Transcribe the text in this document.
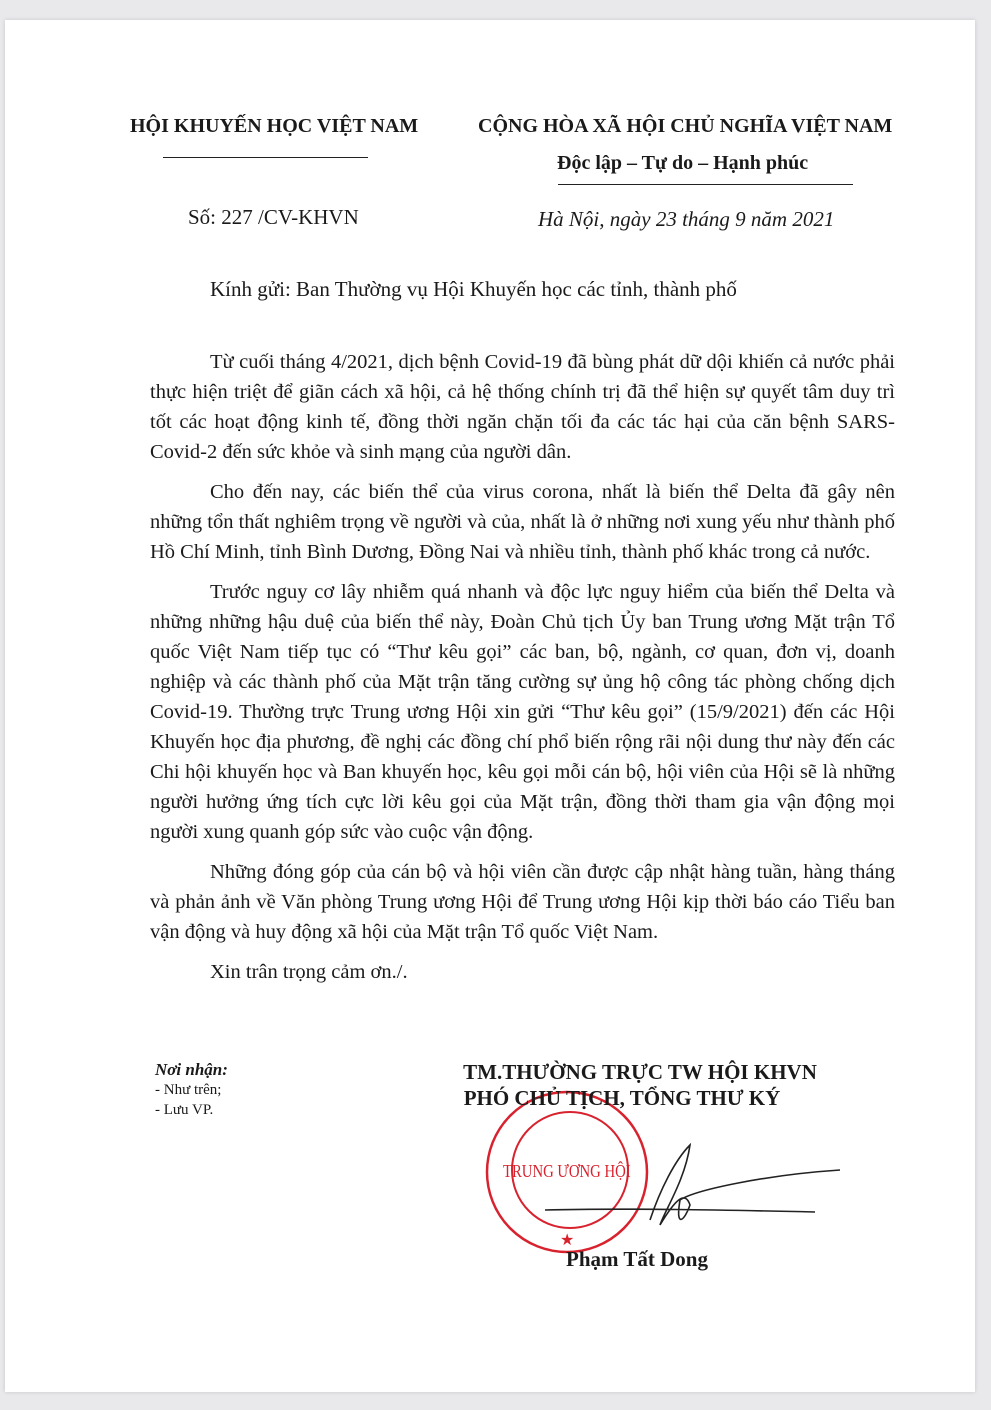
HỘI KHUYẾN HỌC VIỆT NAM	CỘNG HÒA XÃ HỘI CHỦ NGHĨA VIỆT NAM
Độc lập – Tự do – Hạnh phúc
Số: 227 /CV-KHVN	Hà Nội, ngày 23 tháng 9 năm 2021
Kính gửi: Ban Thường vụ Hội Khuyến học các tỉnh, thành phố

Từ cuối tháng 4/2021, dịch bệnh Covid-19 đã bùng phát dữ dội khiến cả nước phải thực hiện triệt để giãn cách xã hội, cả hệ thống chính trị đã thể hiện sự quyết tâm duy trì tốt các hoạt động kinh tế, đồng thời ngăn chặn tối đa các tác hại của căn bệnh SARS-Covid-2 đến sức khỏe và sinh mạng của người dân.

Cho đến nay, các biến thể của virus corona, nhất là biến thể Delta đã gây nên những tổn thất nghiêm trọng về người và của, nhất là ở những nơi xung yếu như thành phố Hồ Chí Minh, tỉnh Bình Dương, Đồng Nai và nhiều tỉnh, thành phố khác trong cả nước.

Trước nguy cơ lây nhiễm quá nhanh và độc lực nguy hiểm của biến thể Delta và những những hậu duệ của biến thể này, Đoàn Chủ tịch Ủy ban Trung ương Mặt trận Tổ quốc Việt Nam tiếp tục có “Thư kêu gọi” các ban, bộ, ngành, cơ quan, đơn vị, doanh nghiệp và các thành phố của Mặt trận tăng cường sự ủng hộ công tác phòng chống dịch Covid-19. Thường trực Trung ương Hội xin gửi “Thư kêu gọi” (15/9/2021) đến các Hội Khuyến học địa phương, đề nghị các đồng chí phổ biến rộng rãi nội dung thư này đến các Chi hội khuyến học và Ban khuyến học, kêu gọi mỗi cán bộ, hội viên của Hội sẽ là những người hưởng ứng tích cực lời kêu gọi của Mặt trận, đồng thời tham gia vận động mọi người xung quanh góp sức vào cuộc vận động.

Những đóng góp của cán bộ và hội viên cần được cập nhật hàng tuần, hàng tháng và phản ảnh về Văn phòng Trung ương Hội để Trung ương Hội kịp thời báo cáo Tiểu ban vận động và huy động xã hội của Mặt trận Tổ quốc Việt Nam.

Xin trân trọng cảm ơn./.

Nơi nhận:
- Như trên;
- Lưu VP.
TRUNG ƯƠNG HỘI
★
TM.THƯỜNG TRỰC TW HỘI KHVN
PHÓ CHỦ TỊCH, TỔNG THƯ KÝ
Phạm Tất Dong
